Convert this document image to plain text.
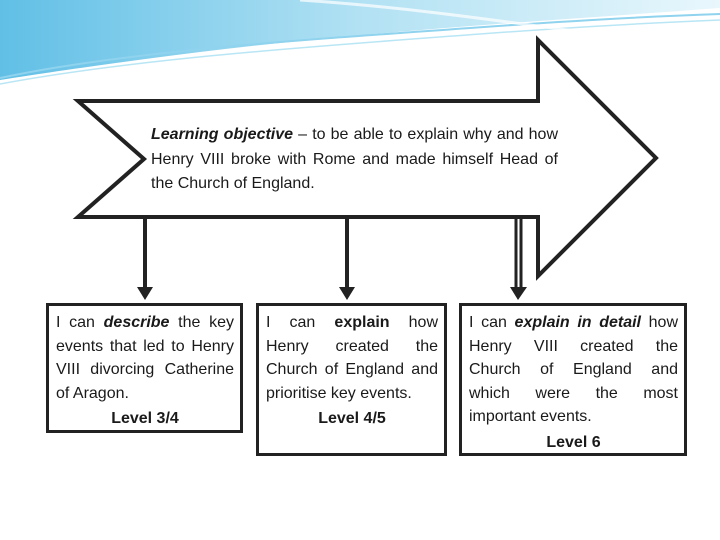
Learning objective – to be able to explain why and how Henry VIII broke with Rome and made himself Head of the Church of England.
I can describe the key events that led to Henry VIII divorcing Catherine of Aragon.
Level 3/4
I can explain how Henry created the Church of England and prioritise key events.
Level 4/5
I can explain in detail how Henry VIII created the Church of England and which were the most important events.
Level 6
